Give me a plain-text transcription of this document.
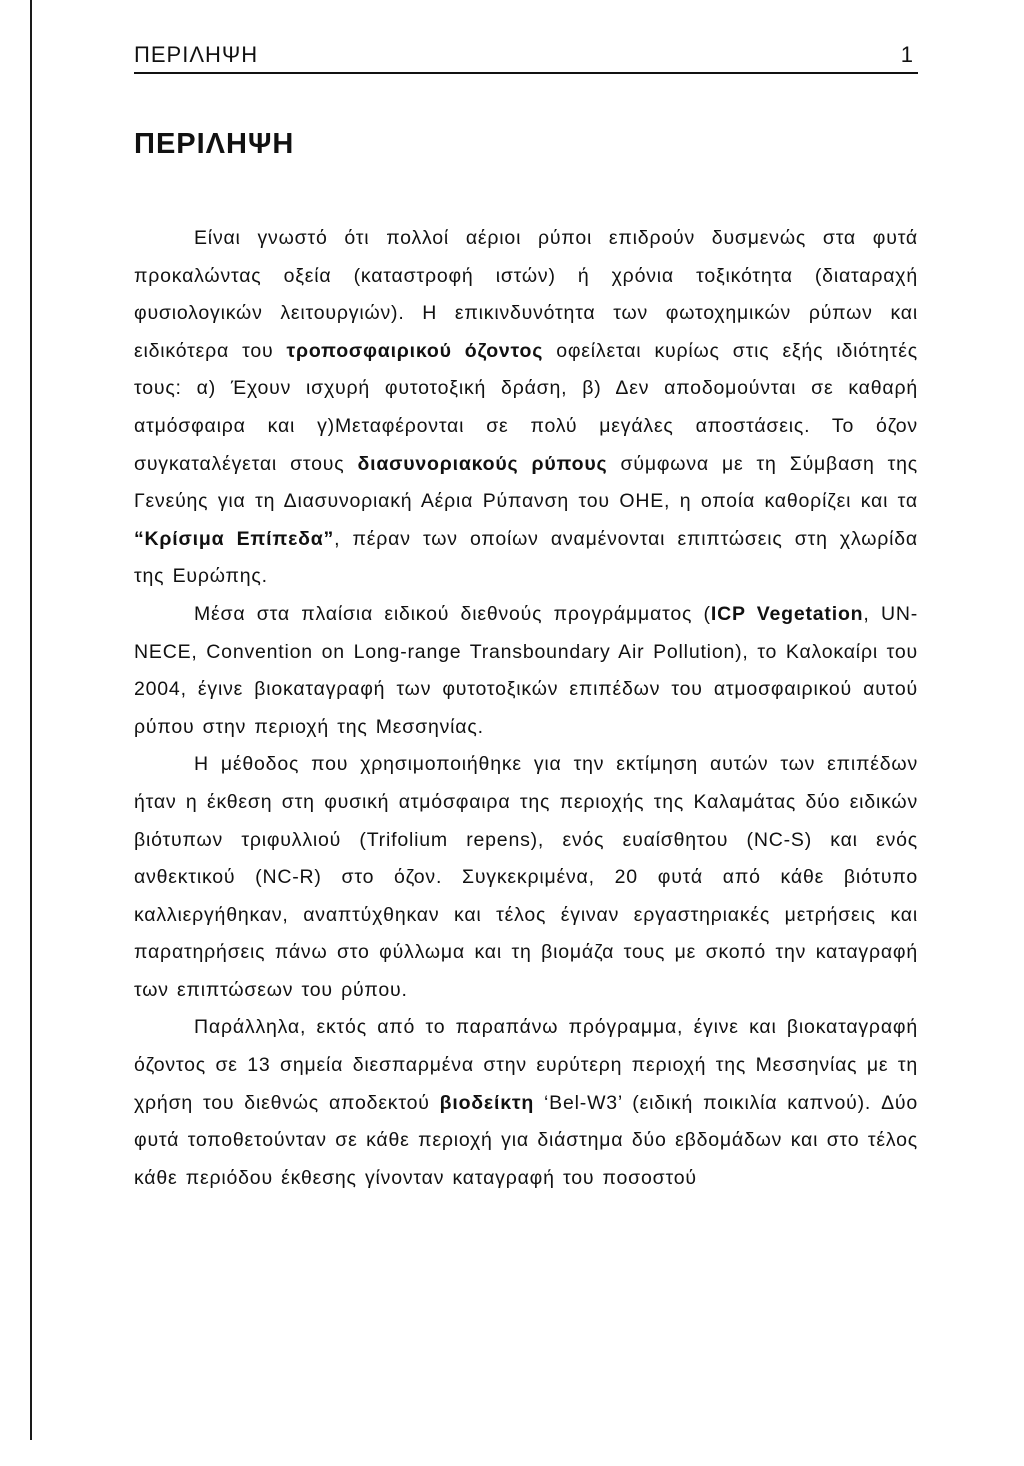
ΠΕΡΙΛΗΨΗ	1
ΠΕΡΙΛΗΨΗ

Είναι γνωστό ότι πολλοί αέριοι ρύποι επιδρούν δυσμενώς στα φυτά προκαλώντας οξεία (καταστροφή ιστών) ή χρόνια τοξικότητα (διαταραχή φυσιολογικών λειτουργιών). Η επικινδυνότητα των φωτοχημικών ρύπων και ειδικότερα του τροποσφαιρικού όζοντος οφείλεται κυρίως στις εξής ιδιότητές τους: α) Έχουν ισχυρή φυτοτοξική δράση, β) Δεν αποδομούνται σε καθαρή ατμόσφαιρα και γ)Μεταφέρονται σε πολύ μεγάλες αποστάσεις. Το όζον συγκαταλέγεται στους διασυνοριακούς ρύπους σύμφωνα με τη Σύμβαση της Γενεύης για τη Διασυνοριακή Αέρια Ρύπανση του ΟΗΕ, η οποία καθορίζει και τα “Κρίσιμα Επίπεδα”, πέραν των οποίων αναμένονται επιπτώσεις στη χλωρίδα της Ευρώπης.

Μέσα στα πλαίσια ειδικού διεθνούς προγράμματος (ICP Vegetation, UN-NECE, Convention on Long-range Transboundary Air Pollution), το Καλοκαίρι του 2004, έγινε βιοκαταγραφή των φυτοτοξικών επιπέδων του ατμοσφαιρικού αυτού ρύπου στην περιοχή της Μεσσηνίας.

Η μέθοδος που χρησιμοποιήθηκε για την εκτίμηση αυτών των επιπέδων ήταν η έκθεση στη φυσική ατμόσφαιρα της περιοχής της Καλαμάτας δύο ειδικών βιότυπων τριφυλλιού (Trifolium repens), ενός ευαίσθητου (NC-S) και ενός ανθεκτικού (NC-R) στο όζον. Συγκεκριμένα, 20 φυτά από κάθε βιότυπο καλλιεργήθηκαν, αναπτύχθηκαν και τέλος έγιναν εργαστηριακές μετρήσεις και παρατηρήσεις πάνω στο φύλλωμα και τη βιομάζα τους με σκοπό την καταγραφή των επιπτώσεων του ρύπου.

Παράλληλα, εκτός από το παραπάνω πρόγραμμα, έγινε και βιοκαταγραφή όζοντος σε 13 σημεία διεσπαρμένα στην ευρύτερη περιοχή της Μεσσηνίας με τη χρήση του διεθνώς αποδεκτού βιοδείκτη ‘Bel-W3’ (ειδική ποικιλία καπνού). Δύο φυτά τοποθετούνταν σε κάθε περιοχή για διάστημα δύο εβδομάδων και στο τέλος κάθε περιόδου έκθεσης γίνονταν καταγραφή του ποσοστού
